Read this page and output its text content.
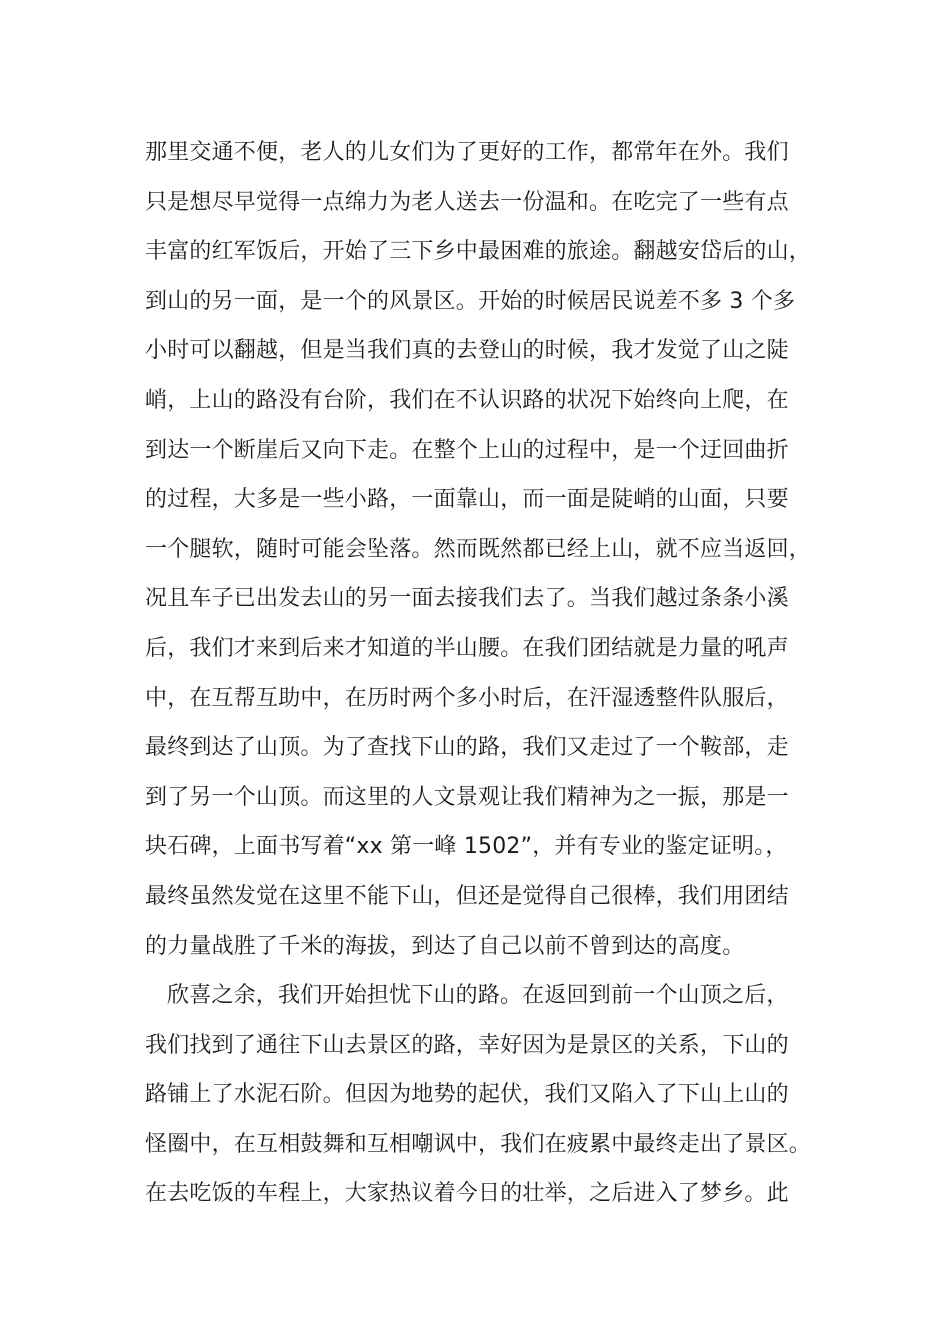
那里交通不便，老人的儿女们为了更好的工作，都常年在外。我们
只是想尽早觉得一点绵力为老人送去一份温和。在吃完了一些有点
丰富的红军饭后，开始了三下乡中最困难的旅途。翻越安岱后的山，
到山的另一面，是一个的风景区。开始的时候居民说差不多 3 个多
小时可以翻越，但是当我们真的去登山的时候，我才发觉了山之陡
峭，上山的路没有台阶，我们在不认识路的状况下始终向上爬，在
到达一个断崖后又向下走。在整个上山的过程中，是一个迂回曲折
的过程，大多是一些小路，一面靠山，而一面是陡峭的山面，只要
一个腿软，随时可能会坠落。然而既然都已经上山，就不应当返回，
况且车子已出发去山的另一面去接我们去了。当我们越过条条小溪
后，我们才来到后来才知道的半山腰。在我们团结就是力量的吼声
中，在互帮互助中，在历时两个多小时后，在汗湿透整件队服后，
最终到达了山顶。为了查找下山的路，我们又走过了一个鞍部，走
到了另一个山顶。而这里的人文景观让我们精神为之一振，那是一
块石碑，上面书写着“xx 第一峰 1502”，并有专业的鉴定证明。，
最终虽然发觉在这里不能下山，但还是觉得自己很棒，我们用团结
的力量战胜了千米的海拔，到达了自己以前不曾到达的高度。
欣喜之余，我们开始担忧下山的路。在返回到前一个山顶之后，
我们找到了通往下山去景区的路，幸好因为是景区的关系，下山的
路铺上了水泥石阶。但因为地势的起伏，我们又陷入了下山上山的
怪圈中，在互相鼓舞和互相嘲讽中，我们在疲累中最终走出了景区。
在去吃饭的车程上，大家热议着今日的壮举，之后进入了梦乡。此
